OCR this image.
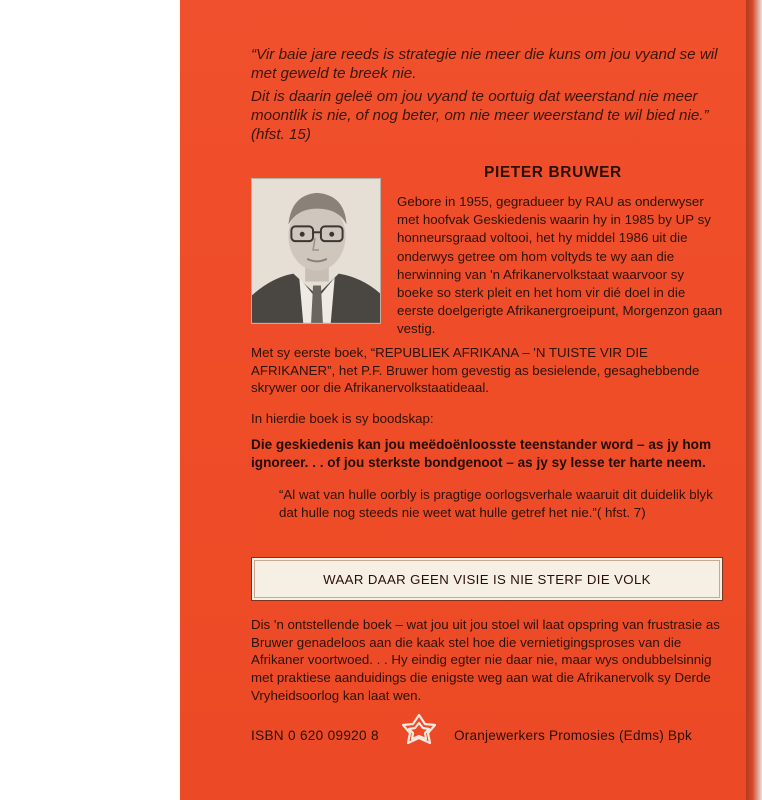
“Vir baie jare reeds is strategie nie meer die kuns om jou vyand se wil met geweld te breek nie.

Dit is daarin geleë om jou vyand te oortuig dat weerstand nie meer moontlik is nie, of nog beter, om nie meer weerstand te wil bied nie.” (hfst. 15)

PIETER BRUWER
Gebore in 1955, gegradueer by RAU as onderwyser met hoofvak Geskiedenis waarin hy in 1985 by UP sy honneursgraad voltooi, het hy middel 1986 uit die onderwys getree om hom voltyds te wy aan die herwinning van 'n Afrikanervolkstaat waarvoor sy boeke so sterk pleit en het hom vir dié doel in die eerste doelgerigte Afrikanergroeipunt, Morgenzon gaan vestig.
Met sy eerste boek, “REPUBLIEK AFRIKANA – 'N TUISTE VIR DIE AFRIKANER”, het P.F. Bruwer hom gevestig as besielende, gesaghebbende skrywer oor die Afrikanervolkstaatideaal.
In hierdie boek is sy boodskap:
Die geskiedenis kan jou meëdoënloosste teenstander word – as jy hom ignoreer. . . of jou sterkste bondgenoot – as jy sy lesse ter harte neem.
“Al wat van hulle oorbly is pragtige oorlogsverhale waaruit dit duidelik blyk dat hulle nog steeds nie weet wat hulle getref het nie.”( hfst. 7)
WAAR DAAR GEEN VISIE IS NIE STERF DIE VOLK
Dis 'n ontstellende boek – wat jou uit jou stoel wil laat opspring van frustrasie as Bruwer genadeloos aan die kaak stel hoe die vernietigingsproses van die Afrikaner voortwoed. . . Hy eindig egter nie daar nie, maar wys ondubbelsinnig met praktiese aanduidings die enigste weg aan wat die Afrikanervolk sy Derde Vryheidsoorlog kan laat wen.
ISBN 0 620 09920 8	Oranjewerkers Promosies (Edms) Bpk
